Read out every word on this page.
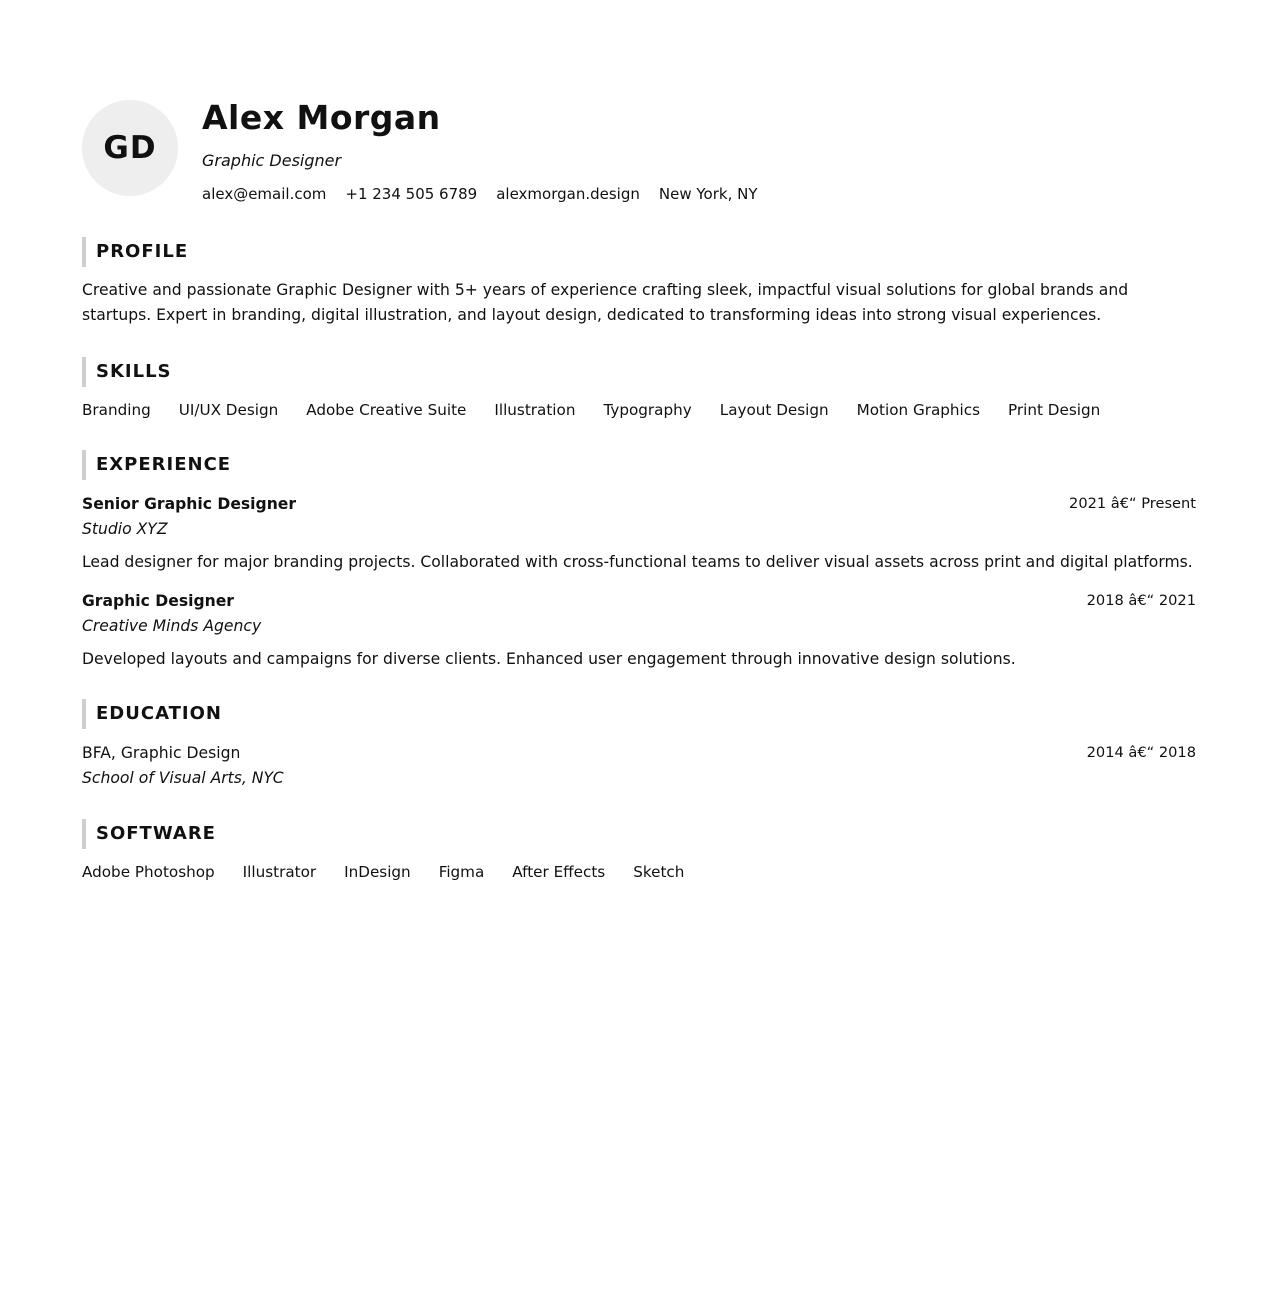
GD
Alex Morgan
Graphic Designer
alex@email.com +1 234 505 6789 alexmorgan.design New York, NY
PROFILE
Creative and passionate Graphic Designer with 5+ years of experience crafting sleek, impactful visual solutions for global brands and startups. Expert in branding, digital illustration, and layout design, dedicated to transforming ideas into strong visual experiences.
SKILLS
Branding UI/UX Design Adobe Creative Suite Illustration Typography Layout Design Motion Graphics Print Design
EXPERIENCE
Senior Graphic Designer	2021 â€“ Present
Studio XYZ
Lead designer for major branding projects. Collaborated with cross-functional teams to deliver visual assets across print and digital platforms.
Graphic Designer	2018 â€“ 2021
Creative Minds Agency
Developed layouts and campaigns for diverse clients. Enhanced user engagement through innovative design solutions.
EDUCATION
BFA, Graphic Design	2014 â€“ 2018
School of Visual Arts, NYC
SOFTWARE
Adobe Photoshop Illustrator InDesign Figma After Effects Sketch
